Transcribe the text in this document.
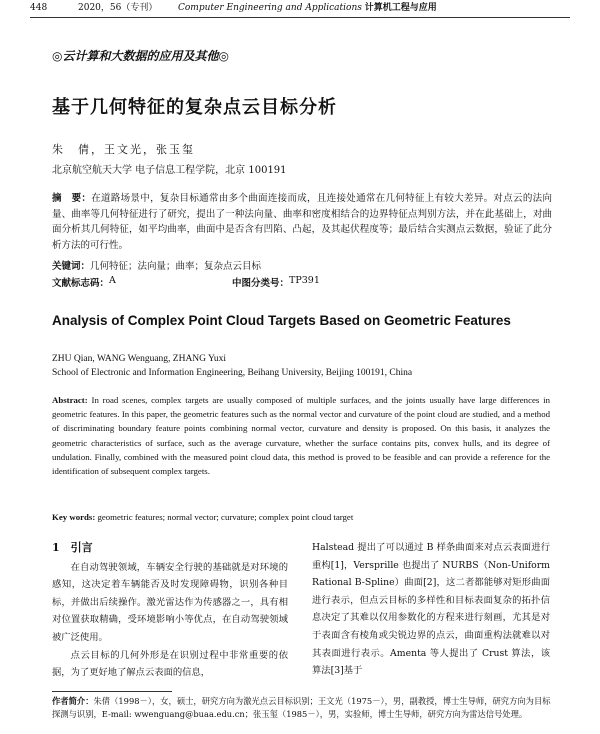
448	2020，56（专刊） Computer Engineering and Applications 计算机工程与应用
◎云计算和大数据的应用及其他◎
基于几何特征的复杂点云目标分析
朱　倩，王文光，张玉玺
北京航空航天大学 电子信息工程学院，北京 100191
摘　要：在道路场景中，复杂目标通常由多个曲面连接而成，且连接处通常在几何特征上有较大差异。对点云的法向量、曲率等几何特征进行了研究，提出了一种法向量、曲率和密度相结合的边界特征点判别方法，并在此基础上，对曲面分析其几何特征，如平均曲率，曲面中是否含有凹陷、凸起，及其起伏程度等；最后结合实测点云数据，验证了此分析方法的可行性。
关键词：几何特征；法向量；曲率；复杂点云目标
文献标志码： A	中图分类号： TP391
Analysis of Complex Point Cloud Targets Based on Geometric Features
ZHU Qian, WANG Wenguang, ZHANG Yuxi
School of Electronic and Information Engineering, Beihang University, Beijing 100191, China
Abstract: In road scenes, complex targets are usually composed of multiple surfaces, and the joints usually have large differences in geometric features. In this paper, the geometric features such as the normal vector and curvature of the point cloud are studied, and a method of discriminating boundary feature points combining normal vector, curvature and density is proposed. On this basis, it analyzes the geometric characteristics of surface, such as the average curvature, whether the surface contains pits, convex hulls, and its degree of undulation. Finally, combined with the measured point cloud data, this method is proved to be feasible and can provide a reference for the identification of subsequent complex targets.
Key words: geometric features; normal vector; curvature; complex point cloud target
1　引言
在自动驾驶领域，车辆安全行驶的基础就是对环境的感知，这决定着车辆能否及时发现障碍物，识别各种目标，并做出后续操作。激光雷达作为传感器之一，具有相对位置获取精确，受环境影响小等优点，在自动驾驶领域被广泛使用。
点云目标的几何外形是在识别过程中非常重要的依据，为了更好地了解点云表面的信息，
Halstead 提出了可以通过 B 样条曲面来对点云表面进行重构[1]，Versprille 也提出了 NURBS（Non-Uniform Rational B-Spline）曲面[2]，这二者都能够对矩形曲面进行表示，但点云目标的多样性和目标表面复杂的拓扑信息决定了其难以仅用参数化的方程来进行刻画，尤其是对于表面含有棱角或尖锐边界的点云，曲面重构法就难以对其表面进行表示。Amenta 等人提出了 Crust 算法，该算法[3]基于
作者简介：朱倩（1998－），女，硕士，研究方向为激光点云目标识别；王文光（1975－），男，副教授，博士生导师，研究方向为目标探测与识别，E-mail: wwenguang@buaa.edu.cn；张玉玺（1985－），男，实验师，博士生导师，研究方向为雷达信号处理。
